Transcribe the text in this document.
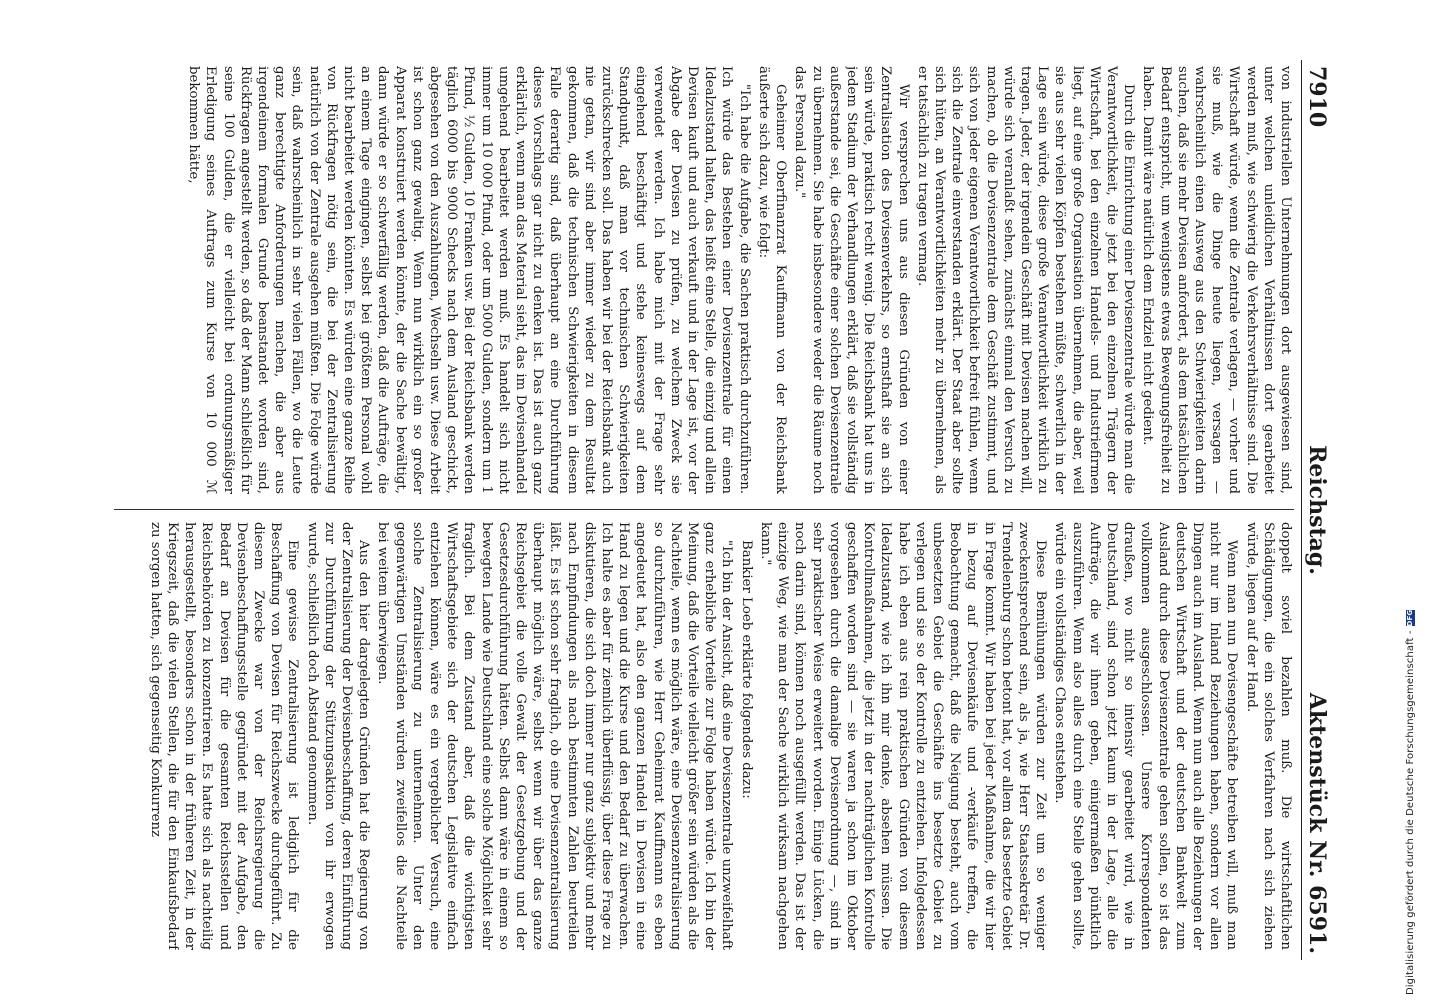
7910
Reichstag.
Aktenstück Nr. 6591.

von industriellen Unternehmungen dort ausgewiesen sind, unter welchen unleidlichen Verhältnissen dort gearbeitet werden muß, wie schwierig die Verkehrsverhältnisse sind. Die Wirtschaft würde, wenn die Zentrale verlagen, — vorher und sie muß, wie die Dinge heute liegen, versagen — wahrscheinlich einen Ausweg aus den Schwierigkeiten darin suchen, daß sie mehr Devisen anfordert, als dem tatsächlichen Bedarf entspricht, um wenigstens etwas Bewegungsfreiheit zu haben. Damit wäre natürlich dem Endziel nicht gedient.

Durch die Einrichtung einer Devisenzentrale würde man die Verantwortlichkeit, die jetzt bei den einzelnen Trägern der Wirtschaft, bei den einzelnen Handels- und Industriefirmen liegt, auf eine große Organisation übernehmen, die aber, weil sie aus sehr vielen Köpfen bestehen müßte, schwerlich in der Lage sein würde, diese große Verantwortlichkeit wirklich zu tragen. Jeder, der irgendein Geschäft mit Devisen machen will, würde sich veranlaßt sehen, zunächst einmal den Versuch zu machen, ob die Devisenzentrale dem Geschäft zustimmt, und sich von jeder eigenen Verantwortlichkeit befreit fühlen, wenn sich die Zentrale einverstanden erklärt. Der Staat aber sollte sich hüten, an Verantwortlichkeiten mehr zu übernehmen, als er tatsächlich zu tragen vermag.

Wir versprechen uns aus diesen Gründen von einer Zentralisation des Devisenverkehrs, so ernsthaft sie an sich sein würde, praktisch recht wenig. Die Reichsbank hat uns in jedem Stadium der Verhandlungen erklärt, daß sie vollständig außerstande sei, die Geschäfte einer solchen Devisenzentrale zu übernehmen. Sie habe insbesondere weder die Räume noch das Personal dazu."

Geheimer Oberfinanzrat Kauffmann von der Reichsbank äußerte sich dazu, wie folgt:

"Ich habe die Aufgabe, die Sachen praktisch durchzuführen. Ich würde das Bestehen einer Devisenzentrale für einen Idealzustand halten, das heißt eine Stelle, die einzig und allein Devisen kauft und auch verkauft und in der Lage ist, vor der Abgabe der Devisen zu prüfen, zu welchem Zweck sie verwendet werden. Ich habe mich mit der Frage sehr eingehend beschäftigt und stehe keineswegs auf dem Standpunkt, daß man vor technischen Schwierigkeiten zurückschrecken soll. Das haben wir bei der Reichsbank auch nie getan, wir sind aber immer wieder zu dem Resultat gekommen, daß die technischen Schwierigkeiten in diesem Falle derartig sind, daß überhaupt an eine Durchführung dieses Vorschlags gar nicht zu denken ist. Das ist auch ganz erklärlich, wenn man das Material sieht, das im Devisenhandel umgehend bearbeitet werden muß. Es handelt sich nicht immer um 10 000 Pfund, oder um 5000 Gulden, sondern um 1 Pfund, ½ Gulden, 10 Franken usw. Bei der Reichsbank werden täglich 6000 bis 9000 Schecks nach dem Ausland geschickt, abgesehen von den Auszahlungen, Wechseln usw. Diese Arbeit ist schon ganz gewaltig. Wenn nun wirklich ein so großer Apparat konstruiert werden könnte, der die Sache bewältigt, dann würde er so schwerfällig werden, daß die Aufträge, die an einem Tage eingingen, selbst bei größtem Personal wohl nicht bearbeitet werden könnten. Es würden eine ganze Reihe von Rückfragen nötig sein, die bei der Zentralisierung natürlich von der Zentrale ausgehen müßten. Die Folge würde sein, daß wahrscheinlich in sehr vielen Fällen, wo die Leute ganz berechtigte Anforderungen machen, die aber aus irgendeinem formalen Grunde beanstandet worden sind, Rückfragen angestellt werden, so daß der Mann schließlich für seine 100 Gulden, die er vielleicht bei ordnungsmäßiger Erledigung seines Auftrags zum Kurse von 10 000 ℳ bekommen hätte,

doppelt soviel bezahlen muß. Die wirtschaftlichen Schädigungen, die ein solches Verfahren nach sich ziehen würde, liegen auf der Hand.

Wenn man nun Devisengeschäfte betreiben will, muß man nicht nur im Inland Beziehungen haben, sondern vor allen Dingen auch im Ausland. Wenn nun auch alle Beziehungen der deutschen Wirtschaft und der deutschen Bankwelt zum Ausland durch diese Devisenzentrale gehen sollen, so ist das vollkommen ausgeschlossen. Unsere Korrespondenten draußen, wo nicht so intensiv gearbeitet wird, wie in Deutschland, sind schon jetzt kaum in der Lage, alle die Aufträge, die wir ihnen geben, einigermaßen pünktlich auszuführen. Wenn also alles durch eine Stelle gehen sollte, würde ein vollständiges Chaos entstehen.

Diese Bemühungen würden zur Zeit um so weniger zweckentsprechend sein, als ja, wie Herr Staatssekretär Dr. Trendelenburg schon betont hat, vor allem das besetzte Gebiet in Frage kommt. Wir haben bei jeder Maßnahme, die wir hier in bezug auf Devisenkäufe und -verkäufe treffen, die Beobachtung gemacht, daß die Neigung besteht, auch vom unbesetzten Gebiet die Geschäfte ins besetzte Gebiet zu verlegen und sie so der Kontrolle zu entziehen. Infolgedessen habe ich eben aus rein praktischen Gründen von diesem Idealzustand, wie ich ihn mir denke, absehen müssen. Die Kontrollmaßnahmen, die jetzt in der nachträglichen Kontrolle geschaffen worden sind — sie waren ja schon im Oktober vorgesehen durch die damalige Devisenordnung —, sind in sehr praktischer Weise erweitert worden. Einige Lücken, die noch darin sind, können noch ausgefüllt werden. Das ist der einzige Weg, wie man der Sache wirklich wirksam nachgehen kann."

Bankier Loeb erklärte folgendes dazu:

"Ich bin der Ansicht, daß eine Devisenzentrale unzweifelhaft ganz erhebliche Vorteile zur Folge haben würde. Ich bin der Meinung, daß die Vorteile vielleicht größer sein würden als die Nachteile, wenn es möglich wäre, eine Devisenzentralisierung so durchzuführen, wie Herr Geheimrat Kauffmann es eben angedeutet hat, also den ganzen Handel in Devisen in eine Hand zu legen und die Kurse und den Bedarf zu überwachen. Ich halte es aber für ziemlich überflüssig, über diese Frage zu diskutieren, die sich doch immer nur ganz subjektiv und mehr nach Empfindungen als nach bestimmten Zahlen beurteilen läßt. Es ist schon sehr fraglich, ob eine Devisenzentralisierung überhaupt möglich wäre, selbst wenn wir über das ganze Reichsgebiet die volle Gewalt der Gesetzgebung und der Gesetzesdurchführung hätten. Selbst dann wäre in einem so bewegten Lande wie Deutschland eine solche Möglichkeit sehr fraglich. Bei dem Zustand aber, daß die wichtigsten Wirtschaftsgebiete sich der deutschen Legislative einfach entziehen können, wäre es ein vergeblicher Versuch, eine solche Zentralisierung zu unternehmen. Unter den gegenwärtigen Umständen würden zweifellos die Nachteile bei weitem überwiegen.

Aus den hier dargelegten Gründen hat die Regierung von der Zentralisierung der Devisenbeschaffung, deren Einführung zur Durchführung der Stützungsaktion von ihr erwogen wurde, schließlich doch Abstand genommen.

Eine gewisse Zentralisierung ist lediglich für die Beschaffung von Devisen für Reichszwecke durchgeführt. Zu diesem Zwecke war von der Reichsregierung die Devisenbeschaffungsstelle gegründet mit der Aufgabe, den Bedarf an Devisen für die gesamten Reichsstellen und Reichsbehörden zu konzentrieren. Es hatte sich als nachteilig herausgestellt, besonders schon in der früheren Zeit, in der Kriegszeit, daß die vielen Stellen, die für den Einkaufsbedarf zu sorgen hatten, sich gegenseitig Konkurrenz	Digitalisierung gefördert durch die Deutsche Forschungsgemeinschaft -DFG
